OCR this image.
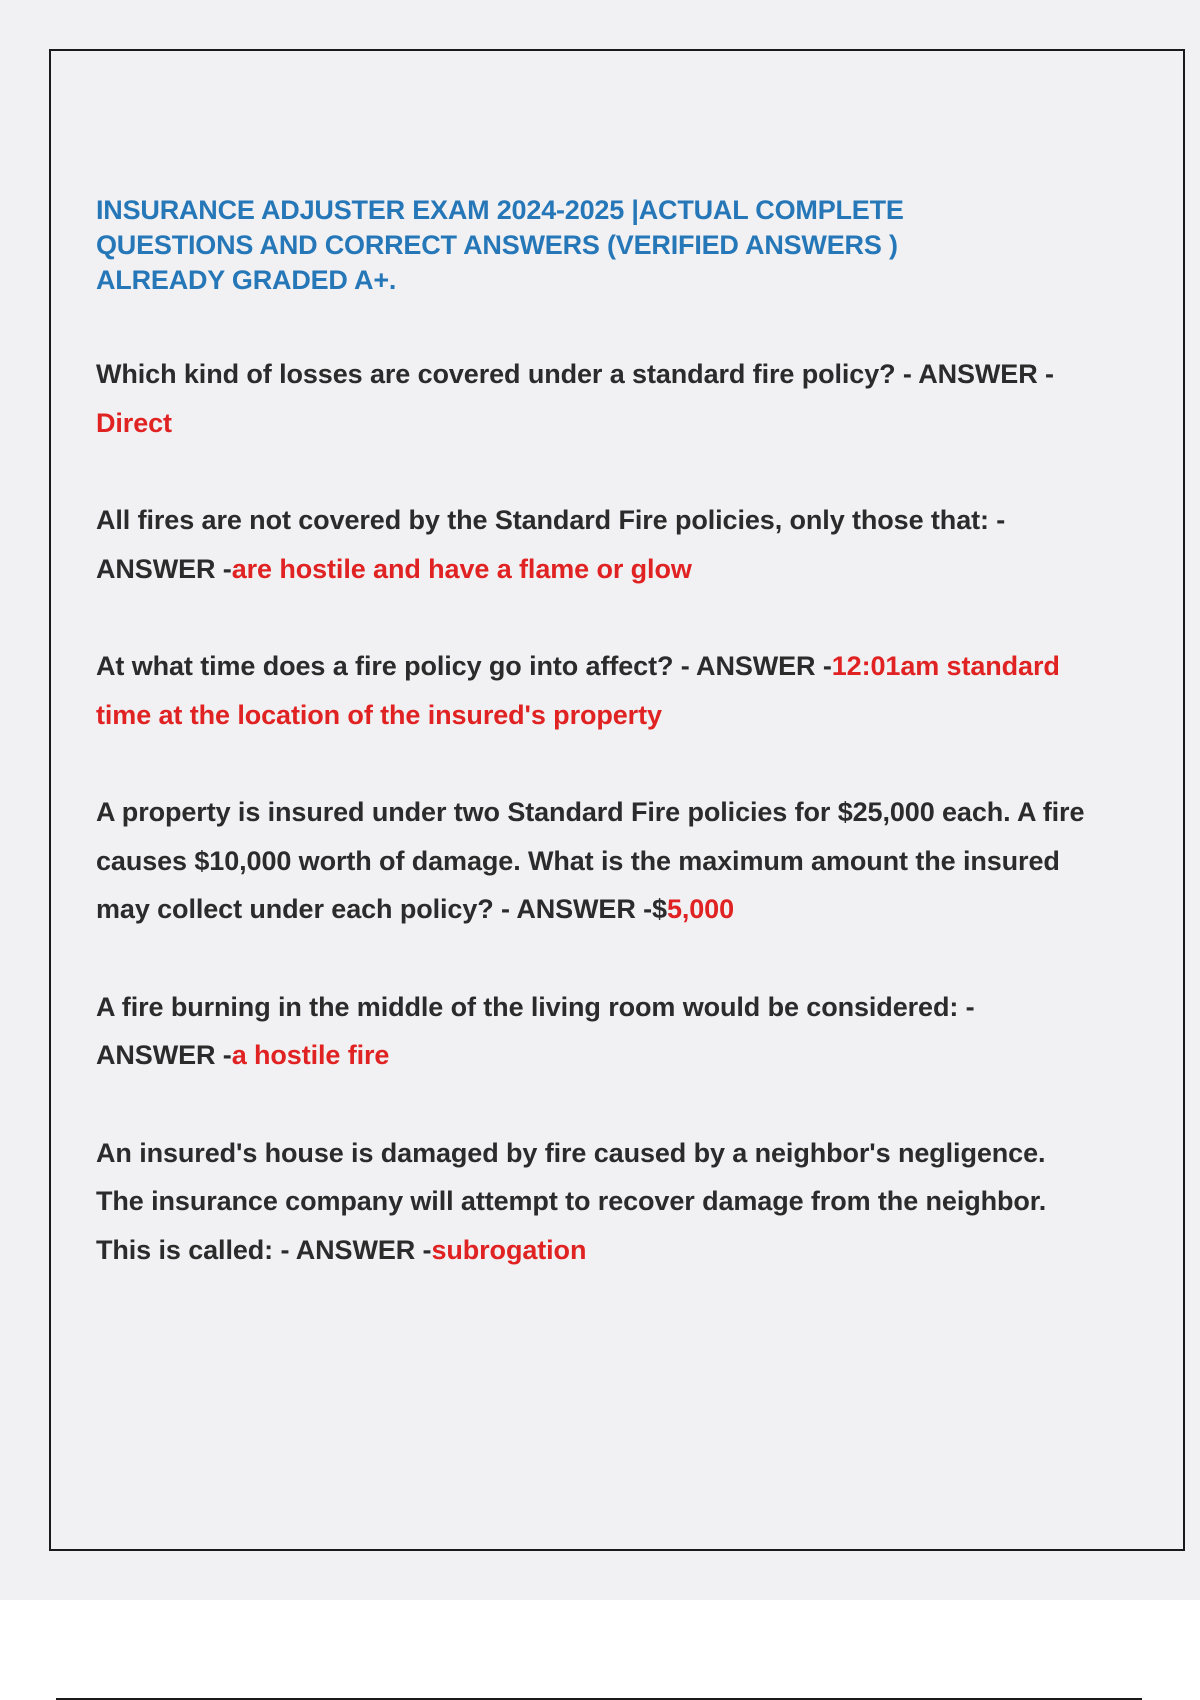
INSURANCE ADJUSTER EXAM 2024-2025 |ACTUAL COMPLETE QUESTIONS AND CORRECT ANSWERS (VERIFIED ANSWERS ) ALREADY GRADED A+.

Which kind of losses are covered under a standard fire policy? - ANSWER -Direct

All fires are not covered by the Standard Fire policies, only those that: - ANSWER -are hostile and have a flame or glow

At what time does a fire policy go into affect? - ANSWER -12:01am standard time at the location of the insured's property

A property is insured under two Standard Fire policies for $25,000 each. A fire causes $10,000 worth of damage. What is the maximum amount the insured may collect under each policy? - ANSWER -$5,000

A fire burning in the middle of the living room would be considered: - ANSWER -a hostile fire

An insured's house is damaged by fire caused by a neighbor's negligence. The insurance company will attempt to recover damage from the neighbor. This is called: - ANSWER -subrogation
